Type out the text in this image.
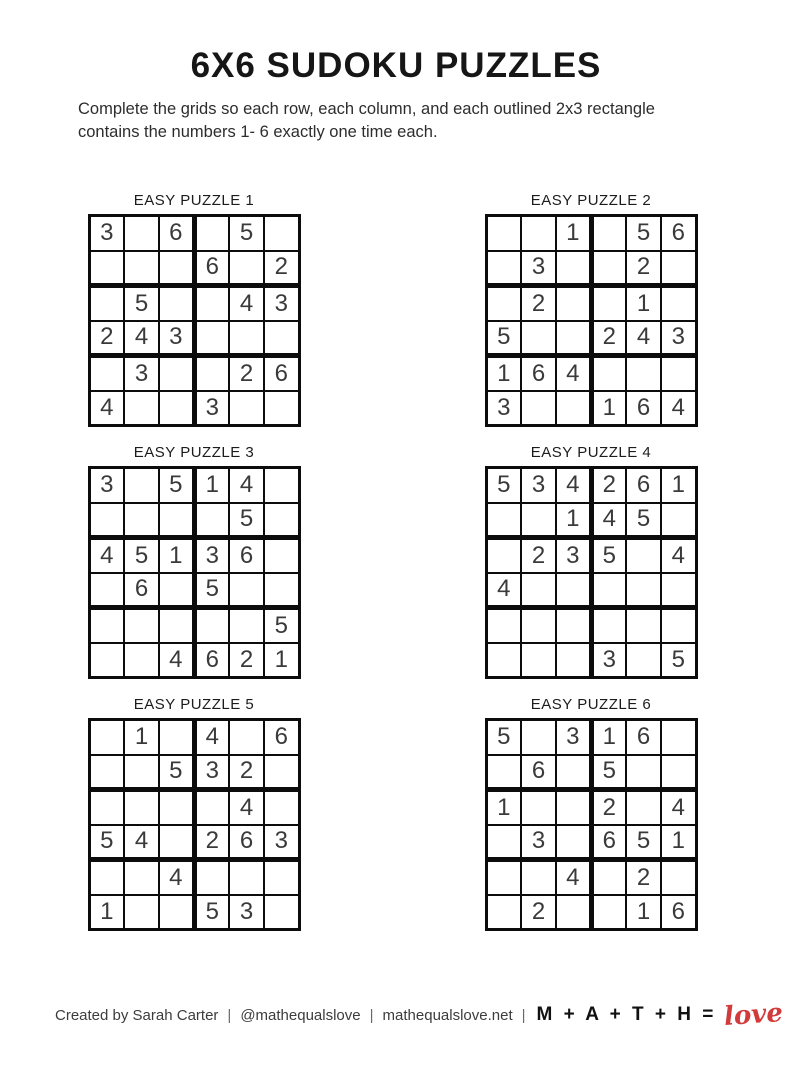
6X6 SUDOKU PUZZLES

Complete the grids so each row, each column, and each outlined 2x3 rectangle
contains the numbers 1- 6 exactly one time each.

EASY PUZZLE 1
3		6		5	
			6		2
	5			4	3
2	4	3			
	3			2	6
4			3		
EASY PUZZLE 2
		1		5	6
	3			2	
	2			1	
5			2	4	3
1	6	4			
3			1	6	4
EASY PUZZLE 3
3		5	1	4	
				5	
4	5	1	3	6	
	6		5		
					5
		4	6	2	1
EASY PUZZLE 4
5	3	4	2	6	1
		1	4	5	
	2	3	5		4
4					

			3		5
EASY PUZZLE 5
	1		4		6
		5	3	2	
				4	
5	4		2	6	3
		4			
1			5	3	
EASY PUZZLE 6
5		3	1	6	
	6		5		
1			2		4
	3		6	5	1
		4		2	
	2			1	6
Created by Sarah Carter | @mathequalslove | mathequalslove.net | M + A + T + H = love
